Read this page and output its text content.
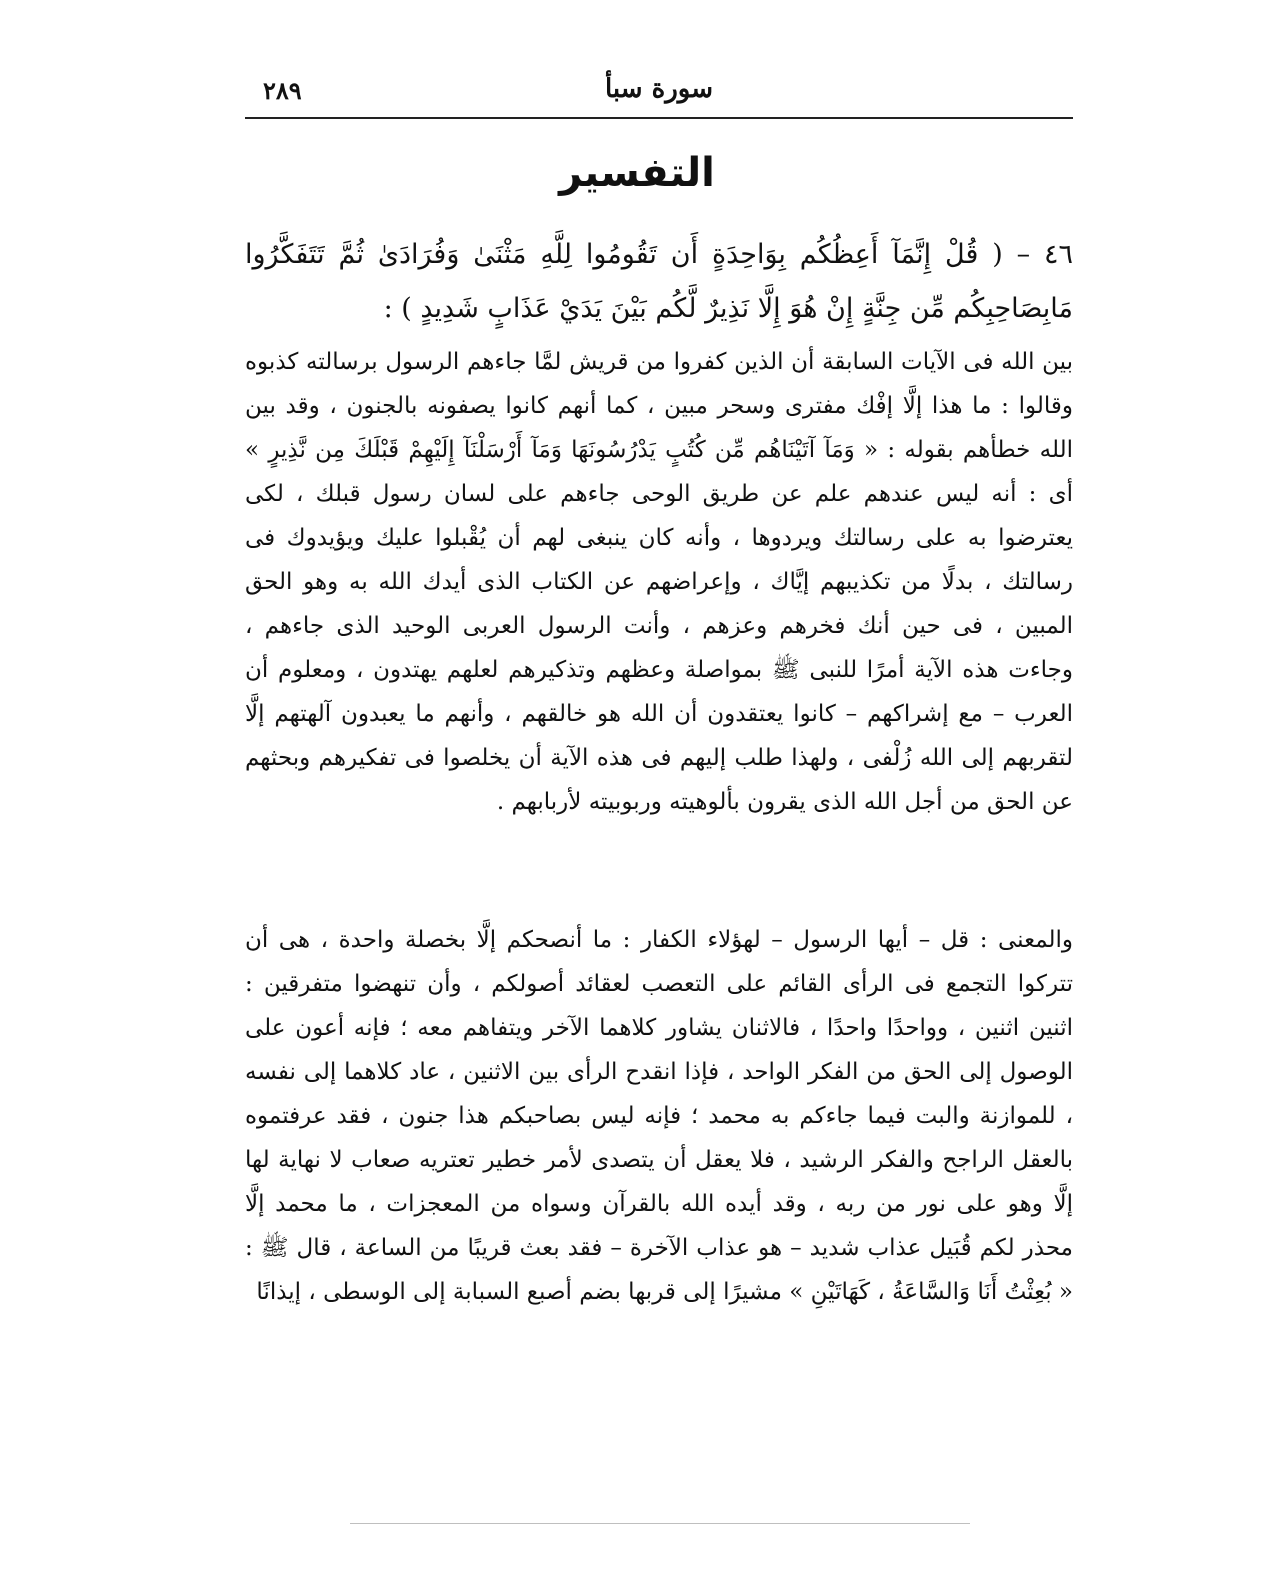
٢٨٩	سورة سبأ
التفسير
٤٦ – ( قُلْ إِنَّمَآ أَعِظُكُم بِوَاحِدَةٍ أَن تَقُومُوا لِلَّهِ مَثْنَىٰ وَفُرَادَىٰ ثُمَّ تَتَفَكَّرُوا مَابِصَاحِبِكُم مِّن جِنَّةٍ إِنْ هُوَ إِلَّا نَذِيرٌ لَّكُم بَيْنَ يَدَيْ عَذَابٍ شَدِيدٍ ) :
بين الله فى الآيات السابقة أن الذين كفروا من قريش لمَّا جاءهم الرسول برسالته كذبوه وقالوا : ما هذا إلَّا إفْك مفترى وسحر مبين ، كما أنهم كانوا يصفونه بالجنون ، وقد بين الله خطأهم بقوله : « وَمَآ آتَيْنَاهُم مِّن كُتُبٍ يَدْرُسُونَهَا وَمَآ أَرْسَلْنَآ إِلَيْهِمْ قَبْلَكَ مِن نَّذِيرٍ » أى : أنه ليس عندهم علم عن طريق الوحى جاءهم على لسان رسول قبلك ، لكى يعترضوا به على رسالتك ويردوها ، وأنه كان ينبغى لهم أن يُقْبلوا عليك ويؤيدوك فى رسالتك ، بدلًا من تكذيبهم إيَّاك ، وإعراضهم عن الكتاب الذى أيدك الله به وهو الحق المبين ، فى حين أنك فخرهم وعزهم ، وأنت الرسول العربى الوحيد الذى جاءهم ، وجاءت هذه الآية أمرًا للنبى ﷺ بمواصلة وعظهم وتذكيرهم لعلهم يهتدون ، ومعلوم أن العرب – مع إشراكهم – كانوا يعتقدون أن الله هو خالقهم ، وأنهم ما يعبدون آلهتهم إلَّا لتقربهم إلى الله زُلْفى ، ولهذا طلب إليهم فى هذه الآية أن يخلصوا فى تفكيرهم وبحثهم عن الحق من أجل الله الذى يقرون بألوهيته وربوبيته لأربابهم .
والمعنى : قل – أيها الرسول – لهؤلاء الكفار : ما أنصحكم إلَّا بخصلة واحدة ، هى أن تتركوا التجمع فى الرأى القائم على التعصب لعقائد أصولكم ، وأن تنهضوا متفرقين : اثنين اثنين ، وواحدًا واحدًا ، فالاثنان يشاور كلاهما الآخر ويتفاهم معه ؛ فإنه أعون على الوصول إلى الحق من الفكر الواحد ، فإذا انقدح الرأى بين الاثنين ، عاد كلاهما إلى نفسه ، للموازنة والبت فيما جاءكم به محمد ؛ فإنه ليس بصاحبكم هذا جنون ، فقد عرفتموه بالعقل الراجح والفكر الرشيد ، فلا يعقل أن يتصدى لأمر خطير تعتريه صعاب لا نهاية لها إلَّا وهو على نور من ربه ، وقد أيده الله بالقرآن وسواه من المعجزات ، ما محمد إلَّا محذر لكم قُبَيل عذاب شديد – هو عذاب الآخرة – فقد بعث قريبًا من الساعة ، قال ﷺ : « بُعِثْتُ أَنَا وَالسَّاعَةُ ، كَهَاتَيْنِ » مشيرًا إلى قربها بضم أصبع السبابة إلى الوسطى ، إيذانًا
